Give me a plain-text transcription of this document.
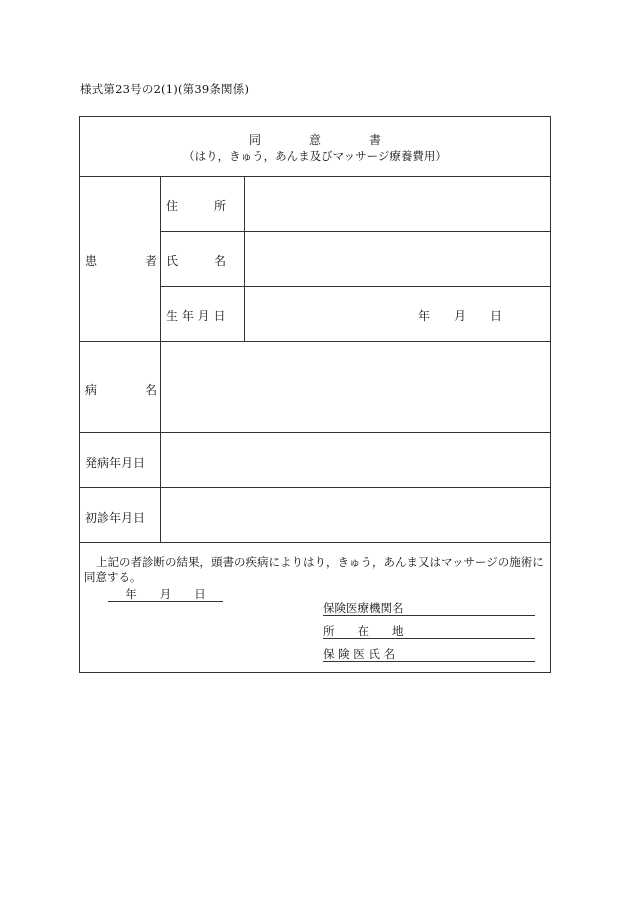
様式第23号の2(1)(第39条関係)
同　　　　意　　　　書
（はり，きゅう，あんま及びマッサージ療養費用）
患　　　　者
住　　　所
氏　　　名
生 年 月 日	年　　月　　日
病　　　　名
発病年月日
初診年月日
上記の者診断の結果，頭書の疾病によりはり，きゅう，あんま又はマッサージの施術に同意する。
年　　月　　日
保険医療機関名
所　　在　　地
保 険 医 氏 名
